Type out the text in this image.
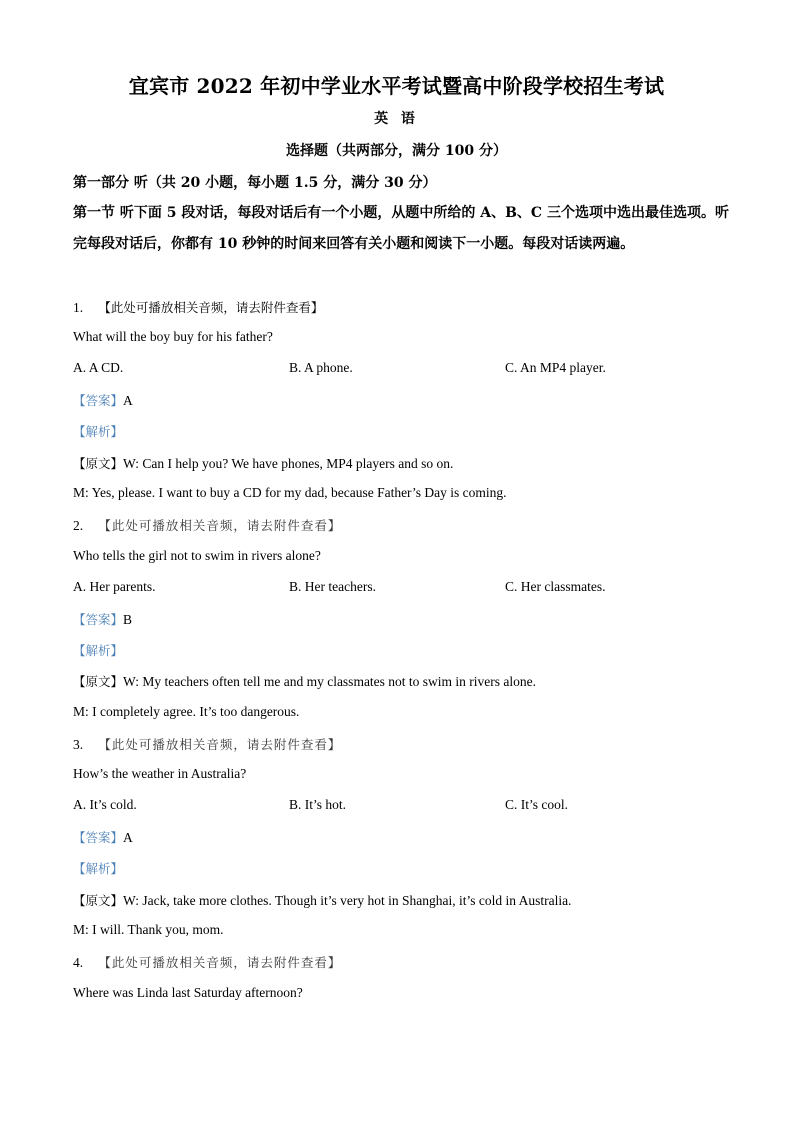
宜宾市 2022 年初中学业水平考试暨高中阶段学校招生考试
英 语
选择题（共两部分，满分 100 分）
第一部分 听（共 20 小题，每小题 1.5 分，满分 30 分）
第一节 听下面 5 段对话，每段对话后有一个小题，从题中所给的 A、B、C 三个选项中选出最佳选项。听完每段对话后，你都有 10 秒钟的时间来回答有关小题和阅读下一小题。每段对话读两遍。
1. 【此处可播放相关音频，请去附件查看】
What will the boy buy for his father?
A. A CD.	B. A phone.	C. An MP4 player.
【答案】A
【解析】
【原文】W: Can I help you? We have phones, MP4 players and so on.
M: Yes, please. I want to buy a CD for my dad, because Father’s Day is coming.
2. 【此处可播放相关音频，请去附件查看】
Who tells the girl not to swim in rivers alone?
A. Her parents.	B. Her teachers.	C. Her classmates.
【答案】B
【解析】
【原文】W: My teachers often tell me and my classmates not to swim in rivers alone.
M: I completely agree. It’s too dangerous.
3. 【此处可播放相关音频，请去附件查看】
How’s the weather in Australia?
A. It’s cold.	B. It’s hot.	C. It’s cool.
【答案】A
【解析】
【原文】W: Jack, take more clothes. Though it’s very hot in Shanghai, it’s cold in Australia.
M: I will. Thank you, mom.
4. 【此处可播放相关音频，请去附件查看】
Where was Linda last Saturday afternoon?
